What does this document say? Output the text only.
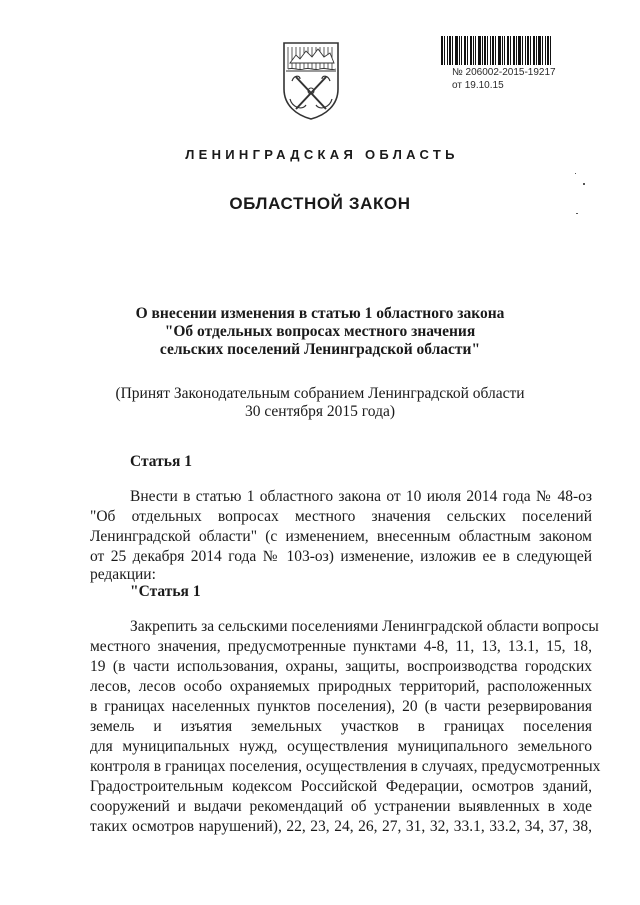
№ 206002-2015-19217
от 19.10.15
ЛЕНИНГРАДСКАЯ ОБЛАСТЬ
ОБЛАСТНОЙ ЗАКОН
О внесении изменения в статью 1 областного закона
"Об отдельных вопросах местного значения
сельских поселений Ленинградской области"
(Принят Законодательным собранием Ленинградской области
30 сентября 2015 года)
Статья 1
Внести в статью 1 областного закона от 10 июля 2014 года № 48-оз
"Об отдельных вопросах местного значения сельских поселений
Ленинградской области" (с изменением, внесенным областным законом
от 25 декабря 2014 года № 103-оз) изменение, изложив ее в следующей
редакции:
"Статья 1
Закрепить за сельскими поселениями Ленинградской области вопросы
местного значения, предусмотренные пунктами 4-8, 11, 13, 13.1, 15, 18,
19 (в части использования, охраны, защиты, воспроизводства городских
лесов, лесов особо охраняемых природных территорий, расположенных
в границах населенных пунктов поселения), 20 (в части резервирования
земель и изъятия земельных участков в границах поселения
для муниципальных нужд, осуществления муниципального земельного
контроля в границах поселения, осуществления в случаях, предусмотренных
Градостроительным кодексом Российской Федерации, осмотров зданий,
сооружений и выдачи рекомендаций об устранении выявленных в ходе
таких осмотров нарушений), 22, 23, 24, 26, 27, 31, 32, 33.1, 33.2, 34, 37, 38,
